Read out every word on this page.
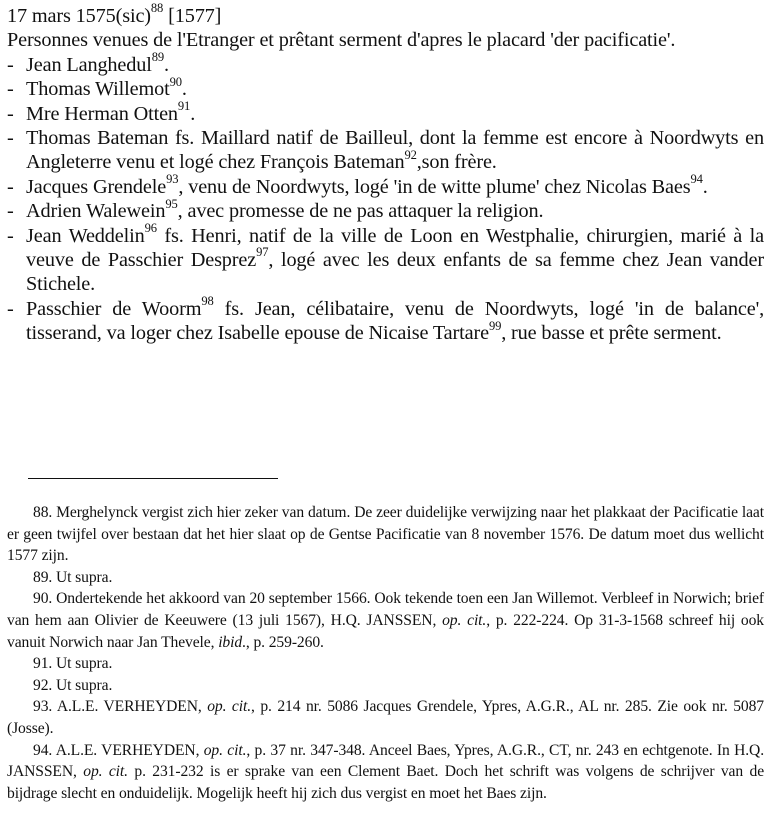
17 mars 1575(sic)$^{88}$ [1577]

Personnes venues de l'Etranger et prêtant serment d'apres le placard 'der pacificatie'.

- Jean Langhedul$^{89}$.
- Thomas Willemot$^{90}$.
- Mre Herman Otten$^{91}$.
- Thomas Bateman fs. Maillard natif de Bailleul, dont la femme est encore à Noordwyts en Angleterre venu et logé chez François Bateman$^{92}$,son frère.
- Jacques Grendele$^{93}$, venu de Noordwyts, logé 'in de witte plume' chez Nicolas Baes$^{94}$.
- Adrien Walewein$^{95}$, avec promesse de ne pas attaquer la religion.
- Jean Weddelin$^{96}$ fs. Henri, natif de la ville de Loon en Westphalie, chirurgien, marié à la veuve de Passchier Desprez$^{97}$, logé avec les deux enfants de sa femme chez Jean vander Stichele.
- Passchier de Woorm$^{98}$ fs. Jean, célibataire, venu de Noordwyts, logé 'in de balance', tisserand, va loger chez Isabelle epouse de Nicaise Tartare$^{99}$, rue basse et prête serment.

88. Merghelynck vergist zich hier zeker van datum. De zeer duidelijke verwijzing naar het plakkaat der Pacificatie laat er geen twijfel over bestaan dat het hier slaat op de Gentse Pacificatie van 8 november 1576. De datum moet dus wellicht 1577 zijn.

89. Ut supra.

90. Ondertekende het akkoord van 20 september 1566. Ook tekende toen een Jan Willemot. Verbleef in Norwich; brief van hem aan Olivier de Keeuwere (13 juli 1567), H.Q. JANSSEN, op. cit., p. 222-224. Op 31-3-1568 schreef hij ook vanuit Norwich naar Jan Thevele, ibid., p. 259-260.

91. Ut supra.

92. Ut supra.

93. A.L.E. VERHEYDEN, op. cit., p. 214 nr. 5086 Jacques Grendele, Ypres, A.G.R., AL nr. 285. Zie ook nr. 5087 (Josse).

94. A.L.E. VERHEYDEN, op. cit., p. 37 nr. 347-348. Anceel Baes, Ypres, A.G.R., CT, nr. 243 en echtgenote. In H.Q. JANSSEN, op. cit. p. 231-232 is er sprake van een Clement Baet. Doch het schrift was volgens de schrijver van de bijdrage slecht en onduidelijk. Mogelijk heeft hij zich dus vergist en moet het Baes zijn.
